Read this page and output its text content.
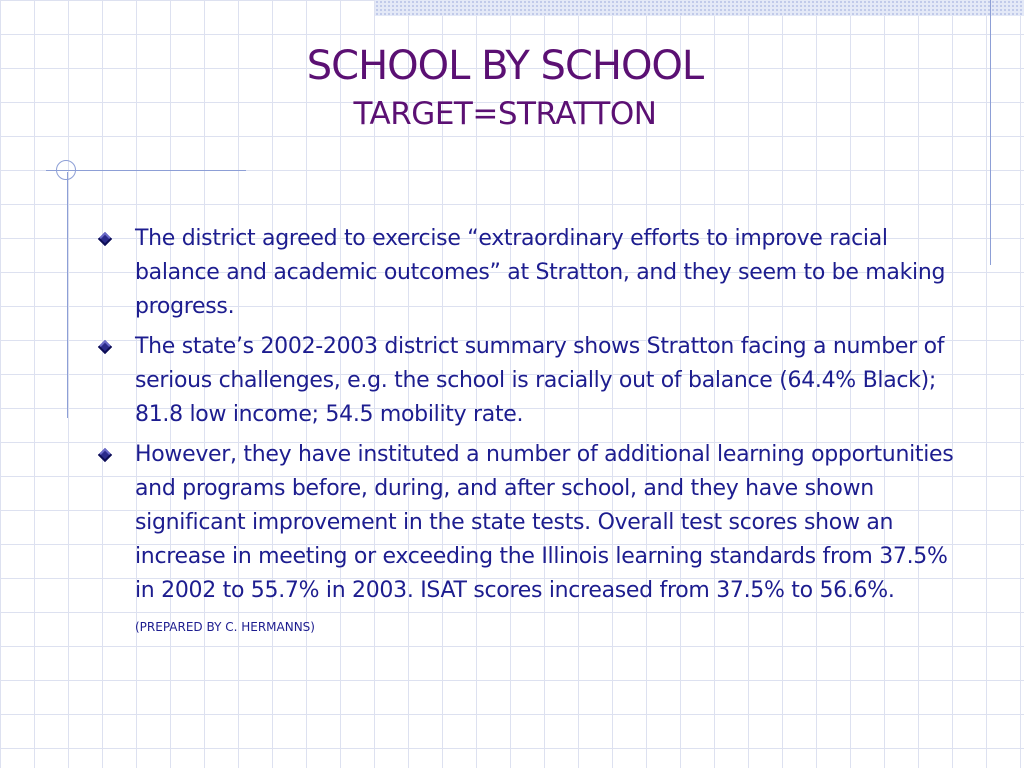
SCHOOL BY SCHOOL
TARGET=STRATTON
The district agreed to exercise “extraordinary efforts to improve racial balance and academic outcomes” at Stratton, and they seem to be making progress.
The state’s 2002-2003 district summary shows Stratton facing a number of serious challenges, e.g. the school is racially out of balance (64.4% Black); 81.8 low income; 54.5 mobility rate.
However, they have instituted a number of additional learning opportunities and programs before, during, and after school, and they have shown significant improvement in the state tests. Overall test scores show an increase in meeting or exceeding the Illinois learning standards from 37.5% in 2002 to 55.7% in 2003. ISAT scores increased from 37.5% to 56.6%. (PREPARED BY C. HERMANNS)
